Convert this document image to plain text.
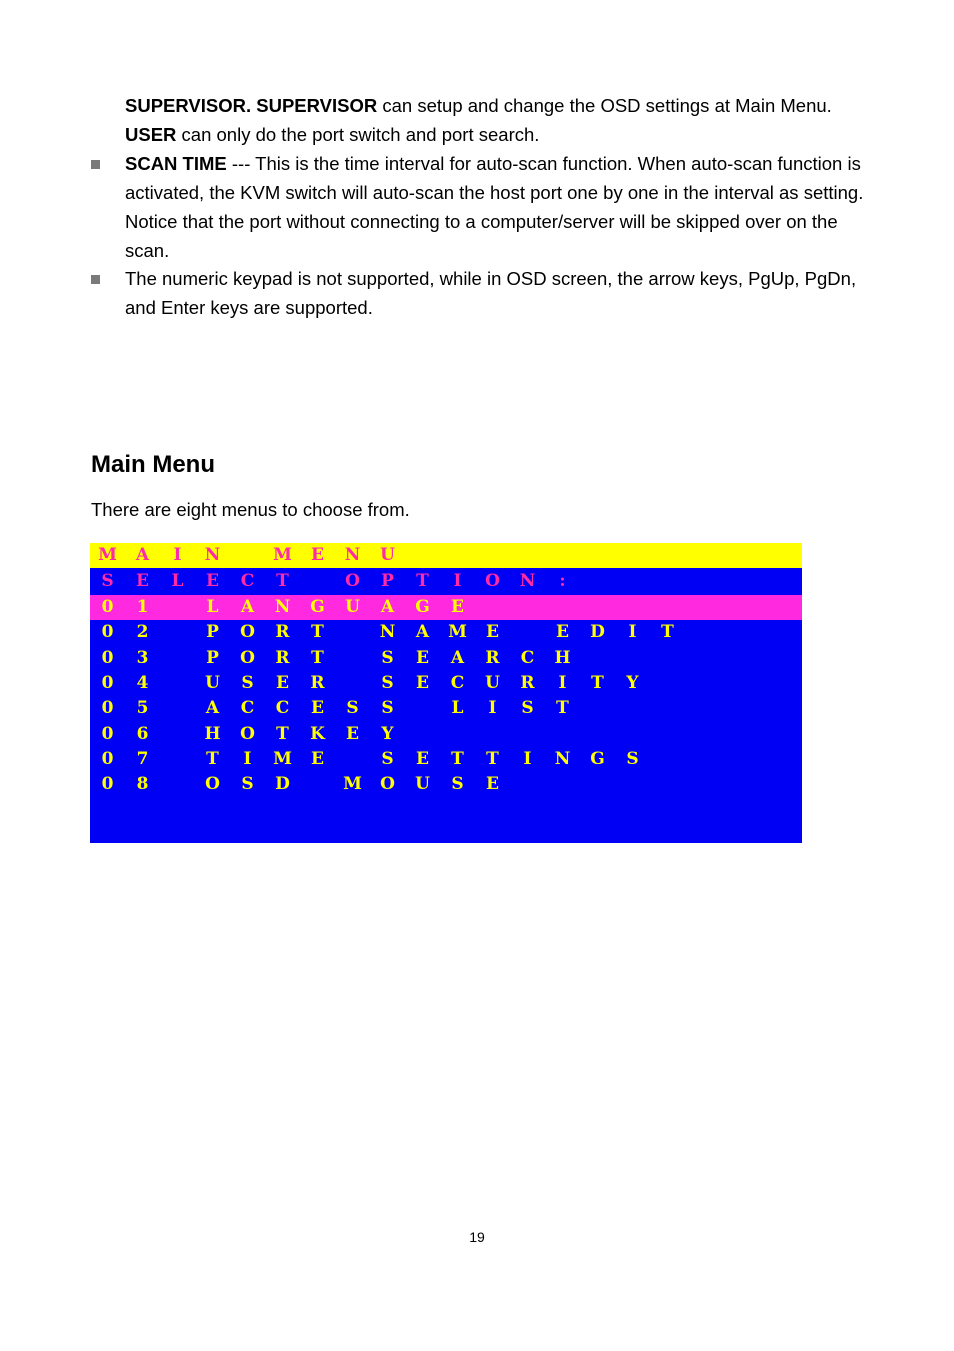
SUPERVISOR. SUPERVISOR can setup and change the OSD settings at Main Menu.

USER can only do the port switch and port search.

SCAN TIME --- This is the time interval for auto-scan function. When auto-scan function is activated, the KVM switch will auto-scan the host port one by one in the interval as setting. Notice that the port without connecting to a computer/server will be skipped over on the scan.

The numeric keypad is not supported, while in OSD screen, the arrow keys, PgUp, PgDn, and Enter keys are supported.

Main Menu

There are eight menus to choose from.

M	A	I	N	M	E	N	U
S	E	L	E	C	T	O	P	T	I	O	N	:
0	1	L	A	N	G	U	A	G	E
0	2	P	O	R	T	N	A	M	E	E	D	I	T
0	3	P	O	R	T	S	E	A	R	C	H
0	4	U	S	E	R	S	E	C	U	R	I	T	Y
0	5	A	C	C	E	S	S	L	I	S	T
0	6	H	O	T	K	E	Y
0	7	T	I	M	E	S	E	T	T	I	N	G	S
0	8	O	S	D	M	O	U	S	E

19
